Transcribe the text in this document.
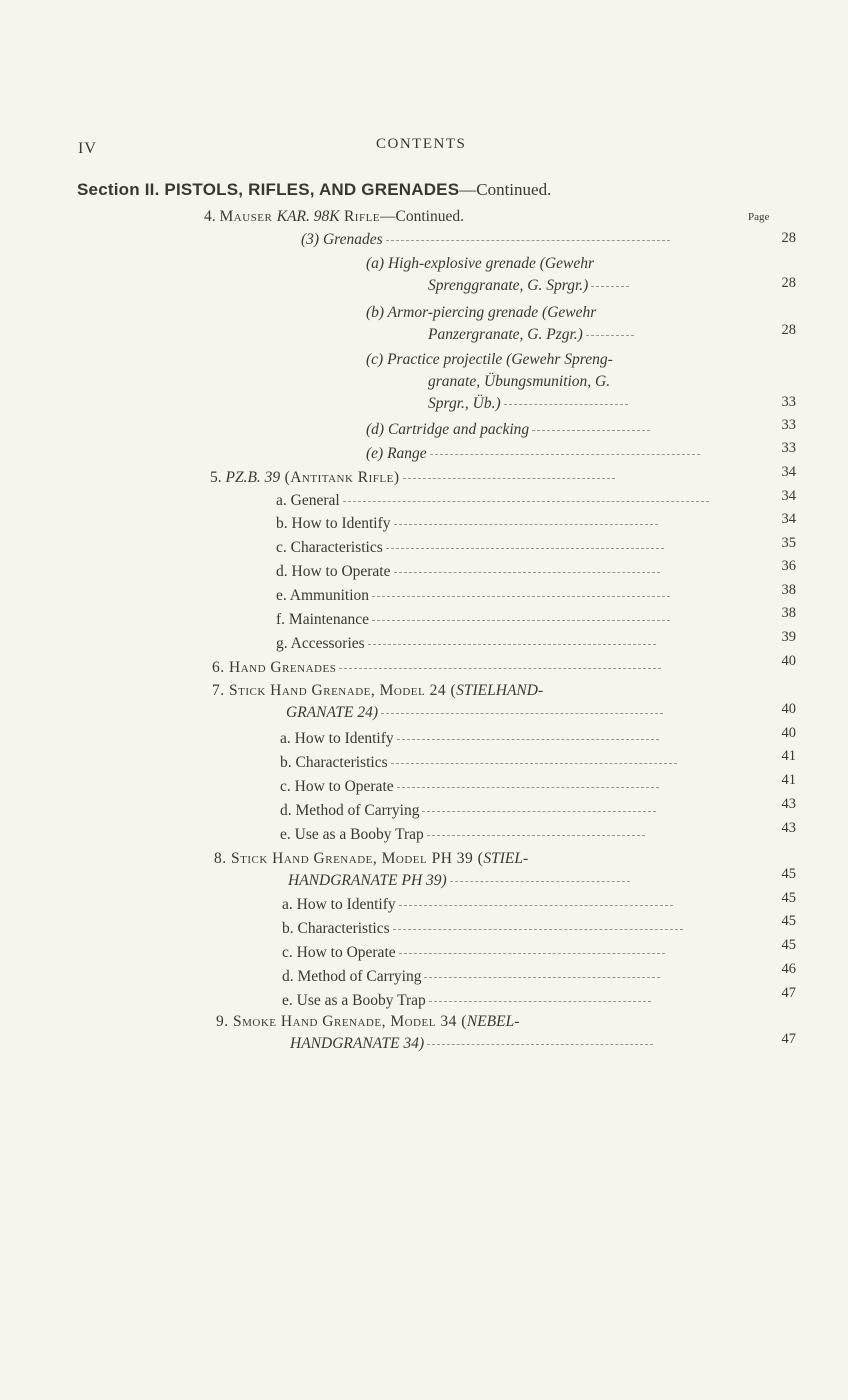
IV	CONTENTS
Section II. PISTOLS, RIFLES, AND GRENADES—Continued.
Page
4. Mauser KAR. 98K Rifle—Continued.
(3) Grenades	28
(a) High-explosive grenade (Gewehr
Sprenggranate, G. Sprgr.)	28
(b) Armor-piercing grenade (Gewehr
Panzergranate, G. Pzgr.)	28
(c) Practice projectile (Gewehr Spreng-
granate, Übungsmunition, G.
Sprgr., Üb.)	33
(d) Cartridge and packing	33
(e) Range	33
5. PZ.B. 39 (Antitank Rifle)	34
a. General	34
b. How to Identify	34
c. Characteristics	35
d. How to Operate	36
e. Ammunition	38
f. Maintenance	38
g. Accessories	39
6. Hand Grenades	40
7. Stick Hand Grenade, Model 24 (STIELHAND-
GRANATE 24)	40
a. How to Identify	40
b. Characteristics	41
c. How to Operate	41
d. Method of Carrying	43
e. Use as a Booby Trap	43
8. Stick Hand Grenade, Model PH 39 (STIEL-
HANDGRANATE PH 39)	45
a. How to Identify	45
b. Characteristics	45
c. How to Operate	45
d. Method of Carrying	46
e. Use as a Booby Trap	47
9. Smoke Hand Grenade, Model 34 (NEBEL-
HANDGRANATE 34)	47
